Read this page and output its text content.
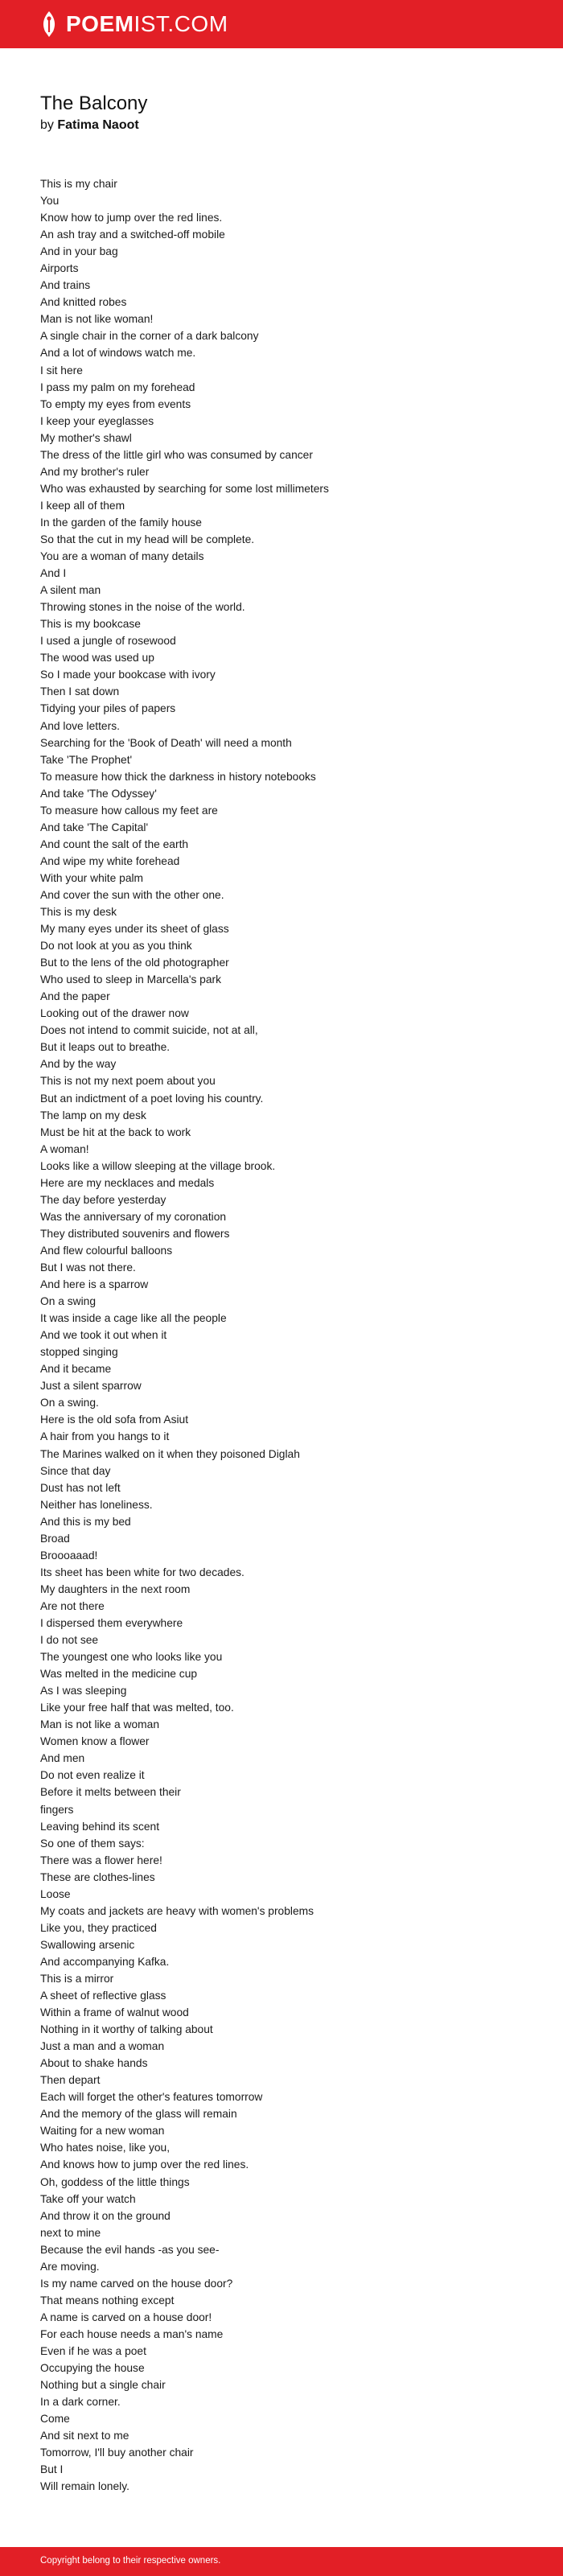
POEMIST.COM
The Balcony
by Fatima Naoot
This is my chair
You
Know how to jump over the red lines.
An ash tray and a switched-off mobile
And in your bag
Airports
And trains
And knitted robes
Man is not like woman!
A single chair in the corner of a dark balcony
And a lot of windows watch me.
I sit here
I pass my palm on my forehead
To empty my eyes from events
I keep your eyeglasses
My mother's shawl
The dress of the little girl who was consumed by cancer
And my brother's ruler
Who was exhausted by searching for some lost millimeters
I keep all of them
In the garden of the family house
So that the cut in my head will be complete.
You are a woman of many details
And I
A silent man
Throwing stones in the noise of the world.
This is my bookcase
I used a jungle of rosewood
The wood was used up
So I made your bookcase with ivory
Then I sat down
Tidying your piles of papers
And love letters.
Searching for the 'Book of Death' will need a month
Take 'The Prophet'
To measure how thick the darkness in history notebooks
And take 'The Odyssey'
To measure how callous my feet are
And take 'The Capital'
And count the salt of the earth
And wipe my white forehead
With your white palm
And cover the sun with the other one.
This is my desk
My many eyes under its sheet of glass
Do not look at you as you think
But to the lens of the old photographer
Who used to sleep in Marcella's park
And the paper
Looking out of the drawer now
Does not intend to commit suicide, not at all,
But it leaps out to breathe.
And by the way
This is not my next poem about you
But an indictment of a poet loving his country.
The lamp on my desk
Must be hit at the back to work
A woman!
Looks like a willow sleeping at the village brook.
Here are my necklaces and medals
The day before yesterday
Was the anniversary of my coronation
They distributed souvenirs and flowers
And flew colourful balloons
But I was not there.
And here is a sparrow
On a swing
It was inside a cage like all the people
And we took it out when it
stopped singing
And it became
Just a silent sparrow
On a swing.
Here is the old sofa from Asiut
A hair from you hangs to it
The Marines walked on it when they poisoned Diglah
Since that day
Dust has not left
Neither has loneliness.
And this is my bed
Broad
Broooaaad!
Its sheet has been white for two decades.
My daughters in the next room
Are not there
I dispersed them everywhere
I do not see
The youngest one who looks like you
Was melted in the medicine cup
As I was sleeping
Like your free half that was melted, too.
Man is not like a woman
Women know a flower
And men
Do not even realize it
Before it melts between their
fingers
Leaving behind its scent
So one of them says:
There was a flower here!
These are clothes-lines
Loose
My coats and jackets are heavy with women's problems
Like you, they practiced
Swallowing arsenic
And accompanying Kafka.
This is a mirror
A sheet of reflective glass
Within a frame of walnut wood
Nothing in it worthy of talking about
Just a man and a woman
About to shake hands
Then depart
Each will forget the other's features tomorrow
And the memory of the glass will remain
Waiting for a new woman
Who hates noise, like you,
And knows how to jump over the red lines.
Oh, goddess of the little things
Take off your watch
And throw it on the ground
next to mine
Because the evil hands -as you see-
Are moving.
Is my name carved on the house door?
That means nothing except
A name is carved on a house door!
For each house needs a man's name
Even if he was a poet
Occupying the house
Nothing but a single chair
In a dark corner.
Come
And sit next to me
Tomorrow, I'll buy another chair
But I
Will remain lonely.
Copyright belong to their respective owners.
